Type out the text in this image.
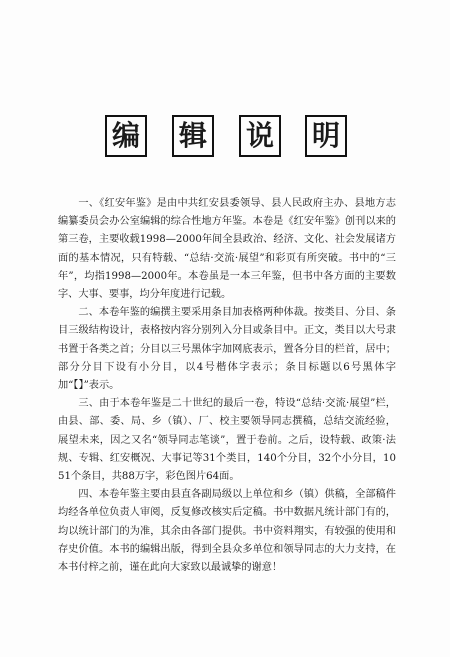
编 辑 说 明

一、《红安年鉴》是由中共红安县委领导、县人民政府主办、县地方志编纂委员会办公室编辑的综合性地方年鉴。本卷是《红安年鉴》创刊以来的第三卷，主要收载1998—2000年间全县政治、经济、文化、社会发展诸方面的基本情况，只有特载、“总结·交流·展望”和彩页有所突破。书中的“三年”，均指1998—2000年。本卷虽是一本三年鉴，但书中各方面的主要数字、大事、要事，均分年度进行记载。

二、本卷年鉴的编撰主要采用条目加表格两种体裁。按类目、分目、条目三级结构设计，表格按内容分别列入分目或条目中。正文，类目以大号隶书置于各类之首；分目以三号黑体字加网底表示，置各分目的栏首，居中；部分分目下设有小分目，以4号楷体字表示；条目标题以6号黑体字加“【】”表示。

三、由于本卷年鉴是二十世纪的最后一卷，特设“总结·交流·展望”栏，由县、部、委、局、乡（镇）、厂、校主要领导同志撰稿，总结交流经验，展望未来，因之又名“领导同志笔谈”，置于卷前。之后，设特载、政策·法规、专辑、红安概况、大事记等31个类目，140个分目，32个小分目，1051个条目，共88万字，彩色图片64面。

四、本卷年鉴主要由县直各副局级以上单位和乡（镇）供稿，全部稿件均经各单位负责人审阅，反复修改核实后定稿。书中数据凡统计部门有的，均以统计部门的为准，其余由各部门提供。书中资料翔实，有较强的使用和存史价值。本书的编辑出版，得到全县众多单位和领导同志的大力支持，在本书付梓之前，谨在此向大家致以最诚挚的谢意！
